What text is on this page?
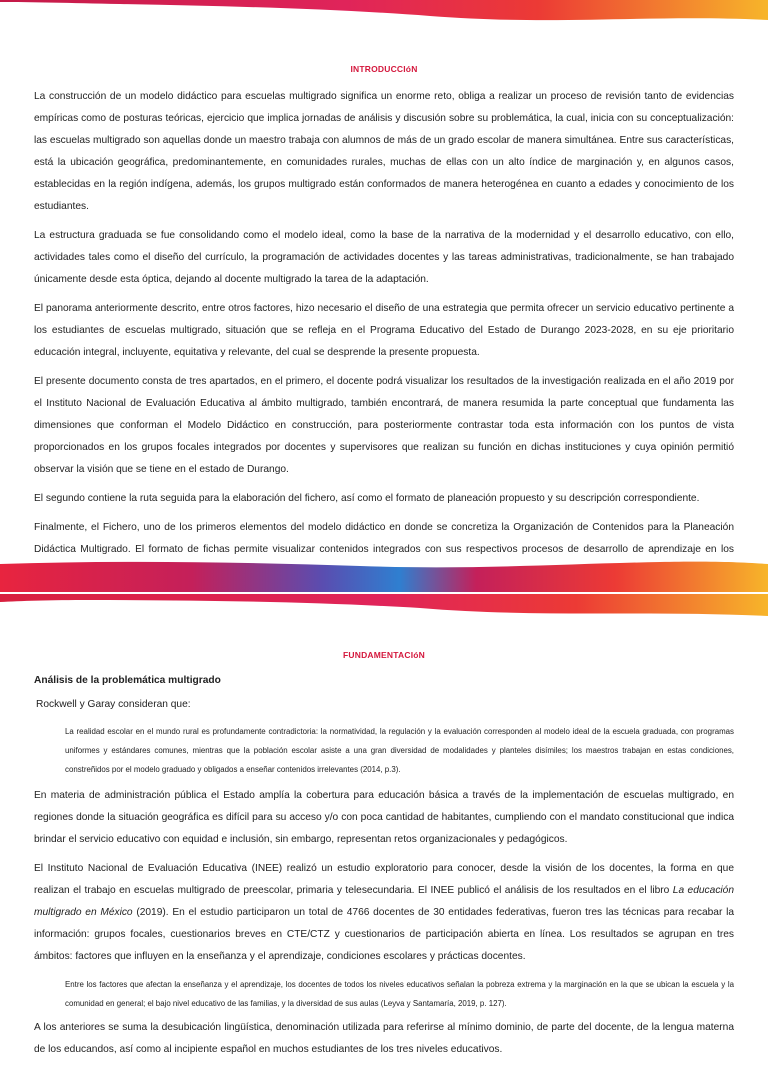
INTRODUCCIóN

La construcción de un modelo didáctico para escuelas multigrado significa un enorme reto, obliga a realizar un proceso de revisión tanto de evidencias empíricas como de posturas teóricas, ejercicio que implica jornadas de análisis y discusión sobre su problemática, la cual, inicia con su conceptualización: las escuelas multigrado son aquellas donde un maestro trabaja con alumnos de más de un grado escolar de manera simultánea. Entre sus características, está la ubicación geográfica, predominantemente, en comunidades rurales, muchas de ellas con un alto índice de marginación y, en algunos casos, establecidas en la región indígena, además, los grupos multigrado están conformados de manera heterogénea en cuanto a edades y conocimiento de los estudiantes.

La estructura graduada se fue consolidando como el modelo ideal, como la base de la narrativa de la modernidad y el desarrollo educativo, con ello, actividades tales como el diseño del currículo, la programación de actividades docentes y las tareas administrativas, tradicionalmente, se han trabajado únicamente desde esta óptica, dejando al docente multigrado la tarea de la adaptación.

El panorama anteriormente descrito, entre otros factores, hizo necesario el diseño de una estrategia que permita ofrecer un servicio educativo pertinente a los estudiantes de escuelas multigrado, situación que se refleja en el Programa Educativo del Estado de Durango 2023-2028, en su eje prioritario educación integral, incluyente, equitativa y relevante, del cual se desprende la presente propuesta.

El presente documento consta de tres apartados, en el primero, el docente podrá visualizar los resultados de la investigación realizada en el año 2019 por el Instituto Nacional de Evaluación Educativa al ámbito multigrado, también encontrará, de manera resumida la parte conceptual que fundamenta las dimensiones que conforman el Modelo Didáctico en construcción, para posteriormente contrastar toda esta información con los puntos de vista proporcionados en los grupos focales integrados por docentes y supervisores que realizan su función en dichas instituciones y cuya opinión permitió observar la visión que se tiene en el estado de Durango.

El segundo contiene la ruta seguida para la elaboración del fichero, así como el formato de planeación propuesto y su descripción correspondiente.

Finalmente, el Fichero, uno de los primeros elementos del modelo didáctico en donde se concretiza la Organización de Contenidos para la Planeación Didáctica Multigrado. El formato de fichas permite visualizar contenidos integrados con sus respectivos procesos de desarrollo de aprendizaje en los

FUNDAMENTACIóN

Análisis de la problemática multigrado

Rockwell y Garay consideran que:

La realidad escolar en el mundo rural es profundamente contradictoria: la normatividad, la regulación y la evaluación corresponden al modelo ideal de la escuela graduada, con programas uniformes y estándares comunes, mientras que la población escolar asiste a una gran diversidad de modalidades y planteles disímiles; los maestros trabajan en estas condiciones, constreñidos por el modelo graduado y obligados a enseñar contenidos irrelevantes (2014, p.3).

En materia de administración pública el Estado amplía la cobertura para educación básica a través de la implementación de escuelas multigrado, en regiones donde la situación geográfica es difícil para su acceso y/o con poca cantidad de habitantes, cumpliendo con el mandato constitucional que indica brindar el servicio educativo con equidad e inclusión, sin embargo, representan retos organizacionales y pedagógicos.

El Instituto Nacional de Evaluación Educativa (INEE) realizó un estudio exploratorio para conocer, desde la visión de los docentes, la forma en que realizan el trabajo en escuelas multigrado de preescolar, primaria y telesecundaria. El INEE publicó el análisis de los resultados en el libro La educación multigrado en México (2019). En el estudio participaron un total de 4766 docentes de 30 entidades federativas, fueron tres las técnicas para recabar la información: grupos focales, cuestionarios breves en CTE/CTZ y cuestionarios de participación abierta en línea. Los resultados se agrupan en tres ámbitos: factores que influyen en la enseñanza y el aprendizaje, condiciones escolares y prácticas docentes.

Entre los factores que afectan la enseñanza y el aprendizaje, los docentes de todos los niveles educativos señalan la pobreza extrema y la marginación en la que se ubican la escuela y la comunidad en general; el bajo nivel educativo de las familias, y la diversidad de sus aulas (Leyva y Santamaría, 2019, p. 127).

A los anteriores se suma la desubicación lingüística, denominación utilizada para referirse al mínimo dominio, de parte del docente, de la lengua materna de los educandos, así como al incipiente español en muchos estudiantes de los tres niveles educativos.
